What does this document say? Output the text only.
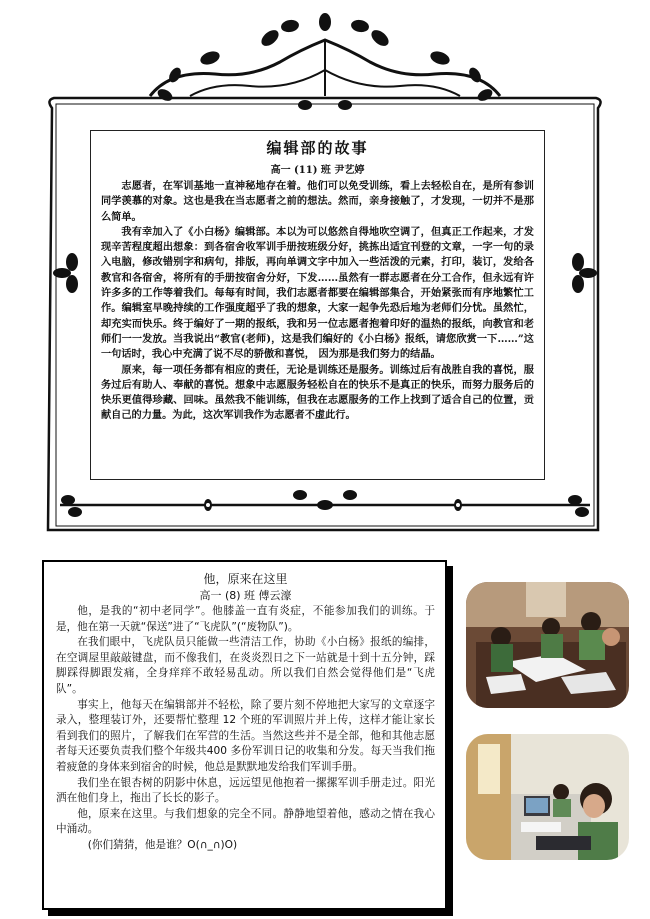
编辑部的故事
高一 (11) 班 尹艺婷

志愿者，在军训基地一直神秘地存在着。他们可以免受训练，看上去轻松自在，是所有参训同学羡慕的对象。这也是我在当志愿者之前的想法。然而，亲身接触了，才发现，一切并不是那么简单。

我有幸加入了《小白杨》编辑部。本以为可以悠然自得地吹空调了，但真正工作起来，才发现辛苦程度超出想象：到各宿舍收军训手册按班级分好，挑拣出适宜刊登的文章，一字一句的录入电脑，修改错别字和病句，排版，再向单调文字中加入一些活泼的元素，打印，装订，发给各教官和各宿舍，将所有的手册按宿舍分好，下发……虽然有一群志愿者在分工合作，但永远有许许多多的工作等着我们。每每有时间，我们志愿者都要在编辑部集合，开始紧张而有序地繁忙工作。编辑室早晚持续的工作强度超乎了我的想象，大家一起争先恐后地为老师们分忧。虽然忙，却充实而快乐。终于编好了一期的报纸，我和另一位志愿者抱着印好的温热的报纸，向教官和老师们一一发放。当我说出“教官(老师)，这是我们编好的《小白杨》报纸，请您欣赏一下……”这一句话时，我心中充满了说不尽的骄傲和喜悦， 因为那是我们努力的结晶。

原来，每一项任务都有相应的责任，无论是训练还是服务。训练过后有战胜自我的喜悦，服务过后有助人、奉献的喜悦。想象中志愿服务轻松自在的快乐不是真正的快乐，而努力服务后的快乐更值得珍藏、回味。虽然我不能训练，但我在志愿服务的工作上找到了适合自己的位置，贡献自己的力量。为此，这次军训我作为志愿者不虚此行。

他，原来在这里
高一 (8) 班 傅云濠

他，是我的“初中老同学”。他膝盖一直有炎症，不能参加我们的训练。于是，他在第一天就“保送”进了“飞虎队”(“废物队”)。

在我们眼中，飞虎队员只能做一些清洁工作，协助《小白杨》报纸的编排，在空调屋里敲敲键盘，而不像我们，在炎炎烈日之下一站就是十到十五分钟，踩脚踩得脚跟发痛，全身痒痒不敢轻易乱动。所以我们自然会觉得他们是“飞虎队”。

事实上，他每天在编辑部并不轻松，除了要片刻不停地把大家写的文章逐字录入，整理装订外，还要帮忙整理 12 个班的军训照片并上传，这样才能让家长看到我们的照片，了解我们在军营的生活。当然这些并不是全部，他和其他志愿者每天还要负责我们整个年级共400 多份军训日记的收集和分发。每天当我们拖着疲惫的身体来到宿舍的时候，他总是默默地发给我们军训手册。

我们坐在银杏树的阴影中休息，远远望见他抱着一摞摞军训手册走过。阳光洒在他们身上，拖出了长长的影子。

他，原来在这里。与我们想象的完全不同。静静地望着他，感动之情在我心中涌动。

(你们猜猜，他是谁？O(∩_∩)O)
